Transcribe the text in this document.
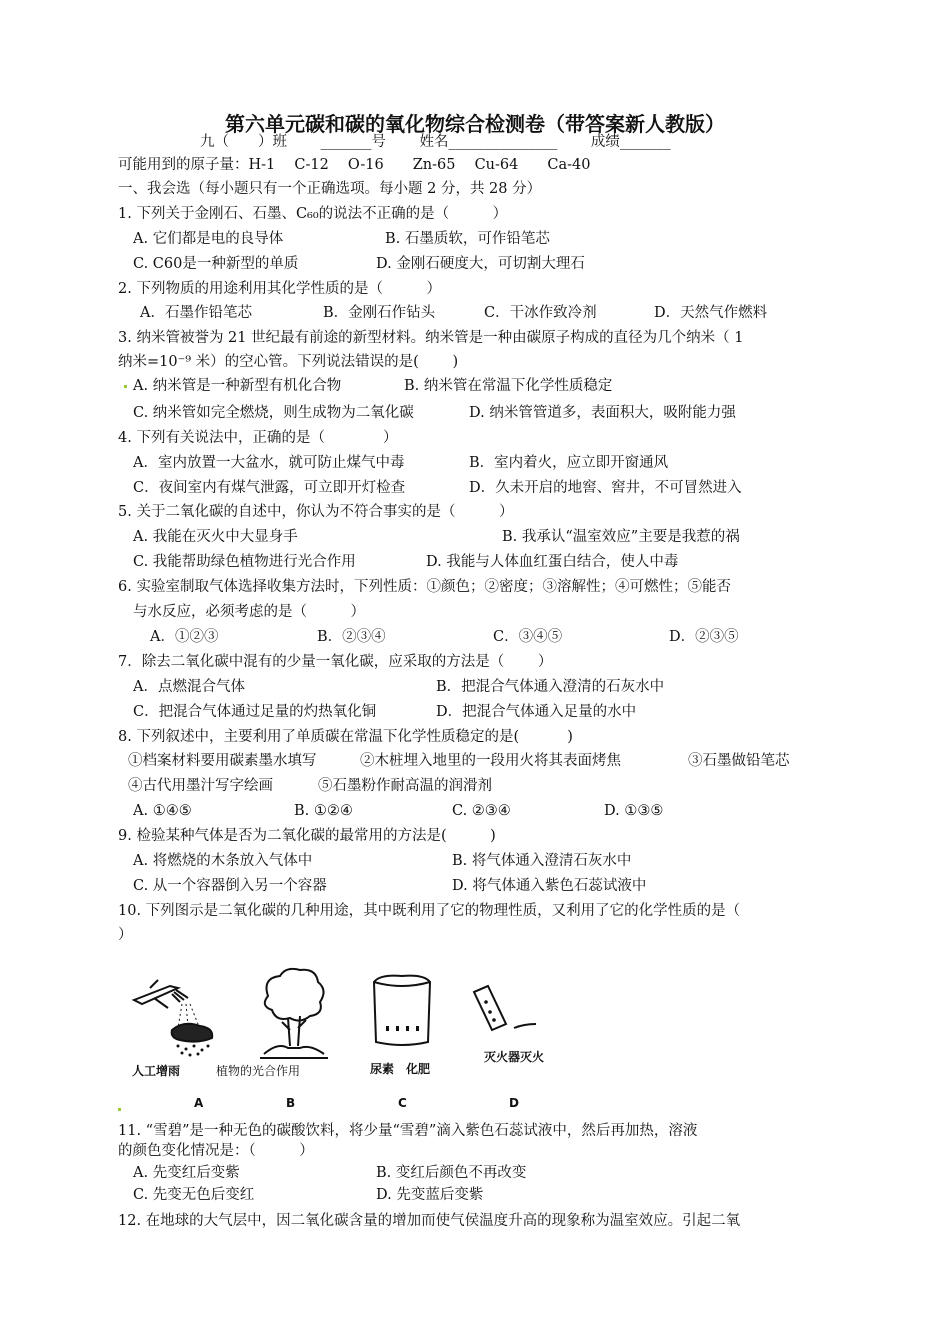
第六单元碳和碳的氧化物综合检测卷（带答案新人教版）
九（　　）班　　 _______号　　 姓名_______________　　 成绩_______
可能用到的原子量：H-1　 C-12　 O-16　　Zn-65　 Cu-64　　Ca-40
一、我会选（每小题只有一个正确选项。每小题 2 分，共 28 分）
1. 下列关于金刚石、石墨、C₆₀的说法不正确的是（　　　）
A. 它们都是电的良导体	B. 石墨质软，可作铅笔芯
C. C60是一种新型的单质	D. 金刚石硬度大，可切割大理石
2. 下列物质的用途利用其化学性质的是（　　　）
A．石墨作铅笔芯	B．金刚石作钻头	C．干冰作致冷剂	D．天然气作燃料
3. 纳米管被誉为 21 世纪最有前途的新型材料。纳米管是一种由碳原子构成的直径为几个纳米（ 1
纳米=10⁻⁹ 米）的空心管。下列说法错误的是(　　 )
A. 纳米管是一种新型有机化合物	B. 纳米管在常温下化学性质稳定
C. 纳米管如完全燃烧，则生成物为二氧化碳	D. 纳米管管道多，表面积大，吸附能力强
4. 下列有关说法中，正确的是（　　　　）
A．室内放置一大盆水，就可防止煤气中毒	B．室内着火，应立即开窗通风
C．夜间室内有煤气泄露，可立即开灯检查	D．久未开启的地窖、窖井，不可冒然进入
5. 关于二氧化碳的自述中，你认为不符合事实的是（　　　）
A. 我能在灭火中大显身手	B. 我承认“温室效应”主要是我惹的祸
C. 我能帮助绿色植物进行光合作用	D. 我能与人体血红蛋白结合，使人中毒
6. 实验室制取气体选择收集方法时，下列性质：①颜色；②密度；③溶解性；④可燃性；⑤能否
与水反应，必须考虑的是（　　　）
A．①②③	B．②③④	C．③④⑤	D．②③⑤
7．除去二氧化碳中混有的少量一氧化碳，应采取的方法是（　　 ）
A．点燃混合气体	B．把混合气体通入澄清的石灰水中
C．把混合气体通过足量的灼热氧化铜	D．把混合气体通入足量的水中
8. 下列叙述中，主要利用了单质碳在常温下化学性质稳定的是(　　　 )
①档案材料要用碳素墨水填写	②木桩埋入地里的一段用火将其表面烤焦	③石墨做铅笔芯
④古代用墨汁写字绘画	⑤石墨粉作耐高温的润滑剂
A. ①④⑤	B. ①②④	C. ②③④	D. ①③⑤
9. 检验某种气体是否为二氧化碳的最常用的方法是(　　　)
A. 将燃烧的木条放入气体中	B. 将气体通入澄清石灰水中
C. 从一个容器倒入另一个容器	D. 将气体通入紫色石蕊试液中
10. 下列图示是二氧化碳的几种用途，其中既利用了它的物理性质，又利用了它的化学性质的是（
）
人工增雨	植物的光合作用	尿素　化肥
灭火器灭火
A	B	C	D
11. “雪碧”是一种无色的碳酸饮料，将少量“雪碧”滴入紫色石蕊试液中，然后再加热，溶液
的颜色变化情况是：（　　　）
A. 先变红后变紫	B. 变红后颜色不再改变
C. 先变无色后变红	D. 先变蓝后变紫
12. 在地球的大气层中，因二氧化碳含量的增加而使气侯温度升高的现象称为温室效应。引起二氧
